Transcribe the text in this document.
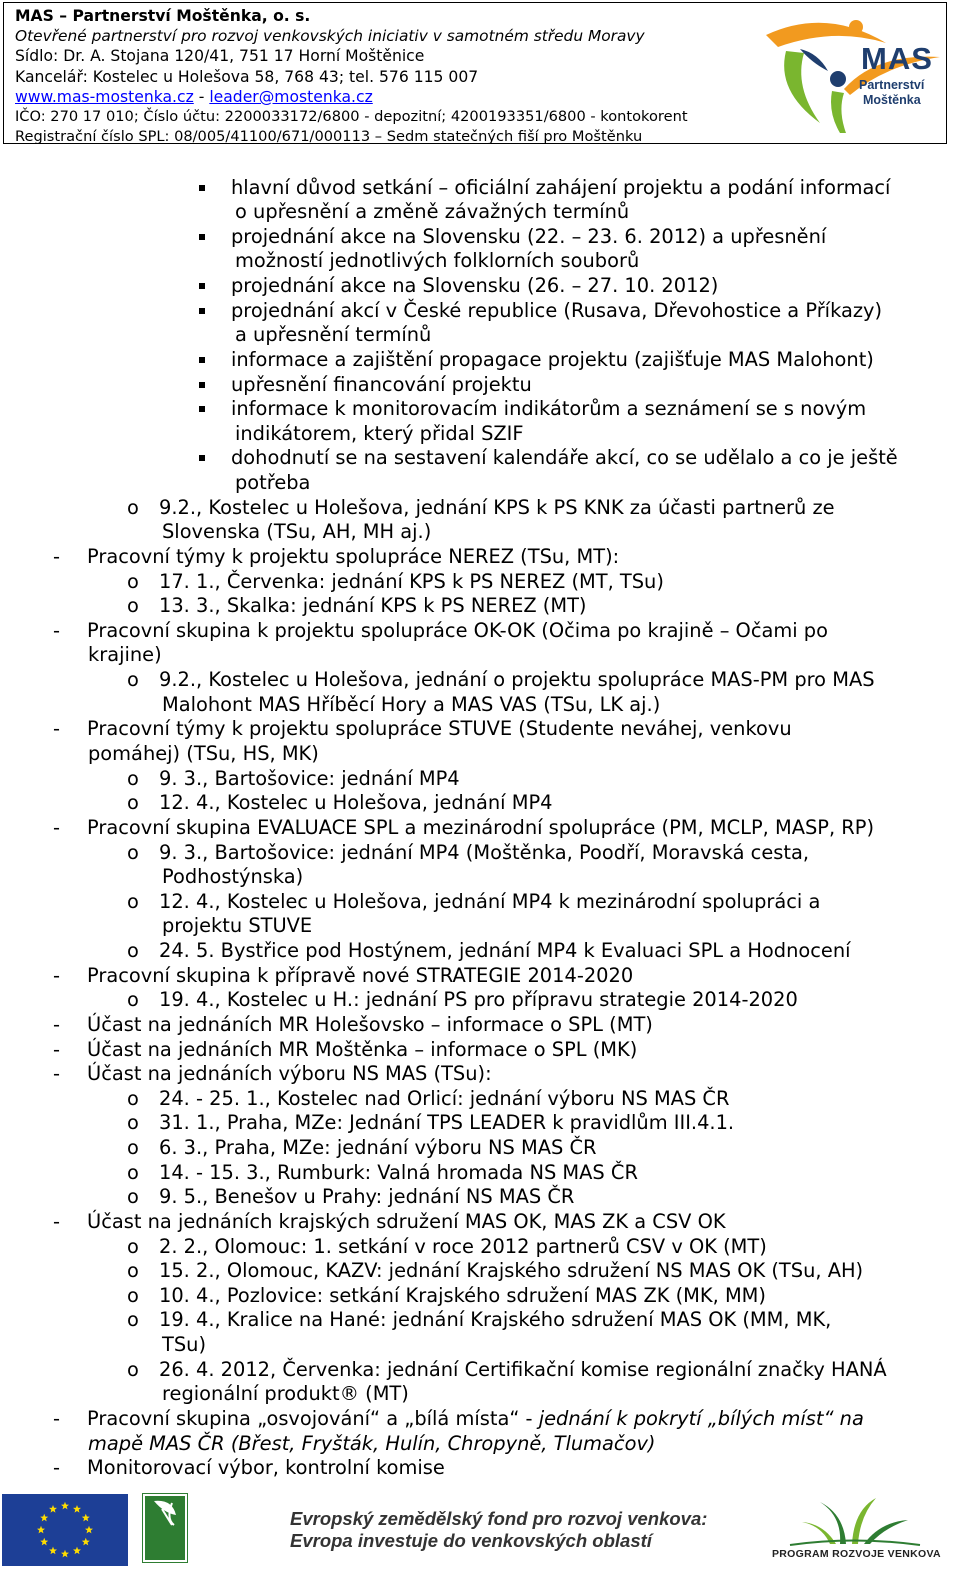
MAS – Partnerství Moštěnka, o. s.
Otevřené partnerství pro rozvoj venkovských iniciativ v samotném středu Moravy
Sídlo: Dr. A. Stojana 120/41, 751 17 Horní Moštěnice
Kancelář: Kostelec u Holešova 58, 768 43; tel. 576 115 007
www.mas-mostenka.cz - leader@mostenka.cz
IČO: 270 17 010; Číslo účtu: 2200033172/6800 - depozitní; 4200193351/6800 - kontokorent
Registrační číslo SPL: 08/005/41100/671/000113 – Sedm statečných fiší pro Moštěnku
MAS
Partnerství
Moštěnka
hlavní důvod setkání – oficiální zahájení projektu a podání informací
o upřesnění a změně závažných termínů
projednání akce na Slovensku (22. – 23. 6. 2012) a upřesnění
možností jednotlivých folklorních souborů
projednání akce na Slovensku (26. – 27. 10. 2012)
projednání akcí v České republice (Rusava, Dřevohostice a Příkazy)
a upřesnění termínů
informace a zajištění propagace projektu (zajišťuje MAS Malohont)
upřesnění financování projektu
informace k monitorovacím indikátorům a seznámení se s novým
indikátorem, který přidal SZIF
dohodnutí se na sestavení kalendáře akcí, co se udělalo a co je ještě
potřeba
o 9.2., Kostelec u Holešova, jednání KPS k PS KNK za účasti partnerů ze
Slovenska (TSu, AH, MH aj.)
- Pracovní týmy k projektu spolupráce NEREZ (TSu, MT):
o 17. 1., Červenka: jednání KPS k PS NEREZ (MT, TSu)
o 13. 3., Skalka: jednání KPS k PS NEREZ (MT)
- Pracovní skupina k projektu spolupráce OK-OK (Očima po krajině – Očami po
krajine)
o 9.2., Kostelec u Holešova, jednání o projektu spolupráce MAS-PM pro MAS
Malohont MAS Hříběcí Hory a MAS VAS (TSu, LK aj.)
- Pracovní týmy k projektu spolupráce STUVE (Studente neváhej, venkovu
pomáhej) (TSu, HS, MK)
o 9. 3., Bartošovice: jednání MP4
o 12. 4., Kostelec u Holešova, jednání MP4
- Pracovní skupina EVALUACE SPL a mezinárodní spolupráce (PM, MCLP, MASP, RP)
o 9. 3., Bartošovice: jednání MP4 (Moštěnka, Poodří, Moravská cesta,
Podhostýnska)
o 12. 4., Kostelec u Holešova, jednání MP4 k mezinárodní spolupráci a
projektu STUVE
o 24. 5. Bystřice pod Hostýnem, jednání MP4 k Evaluaci SPL a Hodnocení
- Pracovní skupina k přípravě nové STRATEGIE 2014-2020
o 19. 4., Kostelec u H.: jednání PS pro přípravu strategie 2014-2020
- Účast na jednáních MR Holešovsko – informace o SPL (MT)
- Účast na jednáních MR Moštěnka – informace o SPL (MK)
- Účast na jednáních výboru NS MAS (TSu):
o 24. - 25. 1., Kostelec nad Orlicí: jednání výboru NS MAS ČR
o 31. 1., Praha, MZe: Jednání TPS LEADER k pravidlům III.4.1.
o 6. 3., Praha, MZe: jednání výboru NS MAS ČR
o 14. - 15. 3., Rumburk: Valná hromada NS MAS ČR
o 9. 5., Benešov u Prahy: jednání NS MAS ČR
- Účast na jednáních krajských sdružení MAS OK, MAS ZK a CSV OK
o 2. 2., Olomouc: 1. setkání v roce 2012 partnerů CSV v OK (MT)
o 15. 2., Olomouc, KAZV: jednání Krajského sdružení NS MAS OK (TSu, AH)
o 10. 4., Pozlovice: setkání Krajského sdružení MAS ZK (MK, MM)
o 19. 4., Kralice na Hané: jednání Krajského sdružení MAS OK (MM, MK,
TSu)
o 26. 4. 2012, Červenka: jednání Certifikační komise regionální značky HANÁ
regionální produkt® (MT)
- Pracovní skupina „osvojování“ a „bílá místa“ - jednání k pokrytí „bílých míst“ na
mapě MAS ČR (Břest, Fryšták, Hulín, Chropyně, Tlumačov)
- Monitorovací výbor, kontrolní komise
Evropský zemědělský fond pro rozvoj venkova:
Evropa investuje do venkovských oblastí
PROGRAM ROZVOJE VENKOVA
